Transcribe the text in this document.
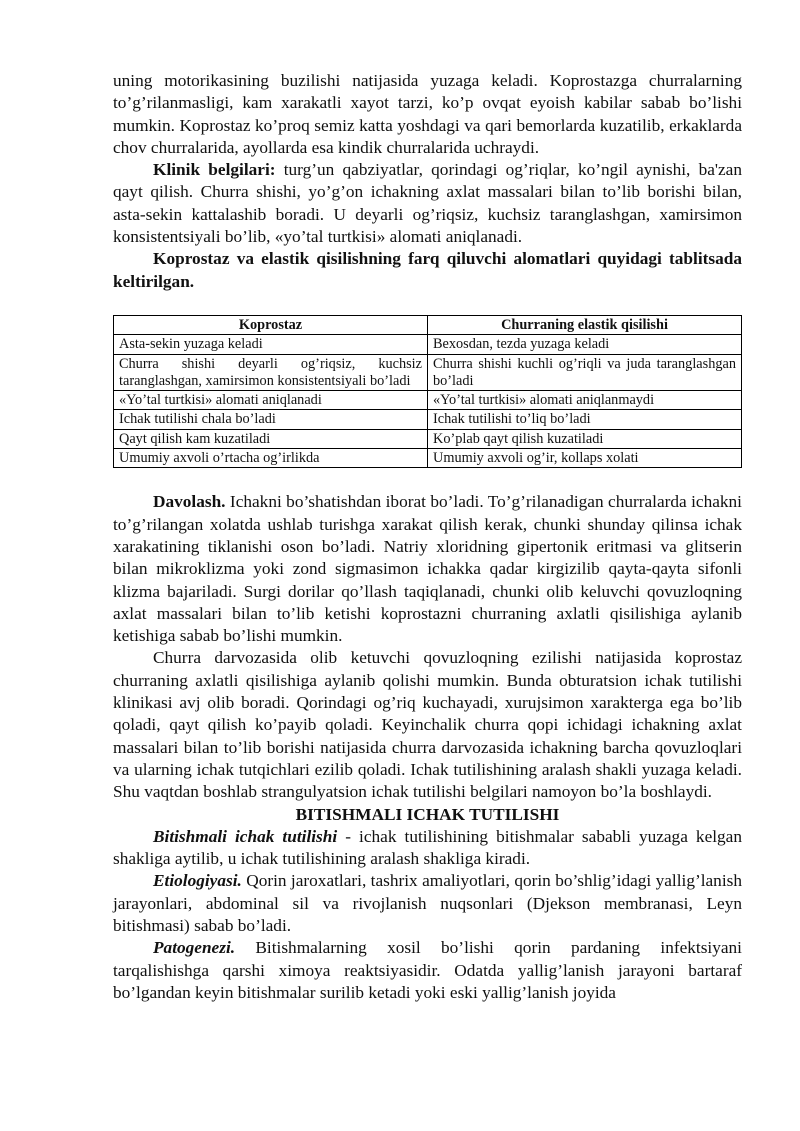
uning motorikasining buzilishi natijasida yuzaga keladi. Koprostazga churralarning to’g’rilanmasligi, kam xarakatli xayot tarzi, ko’p ovqat eyoish kabilar sabab bo’lishi mumkin. Koprostaz ko’proq semiz katta yoshdagi va qari bemorlarda kuzatilib, erkaklarda chov churralarida, ayollarda esa kindik churralarida uchraydi.

Klinik belgilari: turg’un qabziyatlar, qorindagi og’riqlar, ko’ngil aynishi, ba'zan qayt qilish. Churra shishi, yo’g’on ichakning axlat massalari bilan to’lib borishi bilan, asta-sekin kattalashib boradi. U deyarli og’riqsiz, kuchsiz taranglashgan, xamirsimon konsistentsiyali bo’lib, «yo’tal turtkisi» alomati aniqlanadi.

Koprostaz va elastik qisilishning farq qiluvchi alomatlari quyidagi tablitsada keltirilgan.

Koprostaz	Churraning elastik qisilishi
Asta-sekin yuzaga keladi	Bexosdan, tezda yuzaga keladi
Churra shishi deyarli og’riqsiz, kuchsiz taranglashgan, xamirsimon konsistentsiyali bo’ladi	Churra shishi kuchli og’riqli va juda taranglashgan bo’ladi
«Yo’tal turtkisi» alomati aniqlanadi	«Yo’tal turtkisi» alomati aniqlanmaydi
Ichak tutilishi chala bo’ladi	Ichak tutilishi to’liq bo’ladi
Qayt qilish kam kuzatiladi	Ko’plab qayt qilish kuzatiladi
Umumiy axvoli o’rtacha og’irlikda	Umumiy axvoli og’ir, kollaps xolati

Davolash. Ichakni bo’shatishdan iborat bo’ladi. To’g’rilanadigan churralarda ichakni to’g’rilangan xolatda ushlab turishga xarakat qilish kerak, chunki shunday qilinsa ichak xarakatining tiklanishi oson bo’ladi. Natriy xloridning gipertonik eritmasi va glitserin bilan mikroklizma yoki zond sigmasimon ichakka qadar kirgizilib qayta-qayta sifonli klizma bajariladi. Surgi dorilar qo’llash taqiqlanadi, chunki olib keluvchi qovuzloqning axlat massalari bilan to’lib ketishi koprostazni churraning axlatli qisilishiga aylanib ketishiga sabab bo’lishi mumkin.

Churra darvozasida olib ketuvchi qovuzloqning ezilishi natijasida koprostaz churraning axlatli qisilishiga aylanib qolishi mumkin. Bunda obturatsion ichak tutilishi klinikasi avj olib boradi. Qorindagi og’riq kuchayadi, xurujsimon xarakterga ega bo’lib qoladi, qayt qilish ko’payib qoladi. Keyinchalik churra qopi ichidagi ichakning axlat massalari bilan to’lib borishi natijasida churra darvozasida ichakning barcha qovuzloqlari va ularning ichak tutqichlari ezilib qoladi. Ichak tutilishining aralash shakli yuzaga keladi. Shu vaqtdan boshlab strangulyatsion ichak tutilishi belgilari namoyon bo’la boshlaydi.

BITISHMALI ICHAK TUTILISHI

Bitishmali ichak tutilishi - ichak tutilishining bitishmalar sababli yuzaga kelgan shakliga aytilib, u ichak tutilishining aralash shakliga kiradi.

Etiologiyasi. Qorin jaroxatlari, tashrix amaliyotlari, qorin bo’shlig’idagi yallig’lanish jarayonlari, abdominal sil va rivojlanish nuqsonlari (Djekson membranasi, Leyn bitishmasi) sabab bo’ladi.

Patogenezi. Bitishmalarning xosil bo’lishi qorin pardaning infektsiyani tarqalishishga qarshi ximoya reaktsiyasidir. Odatda yallig’lanish jarayoni bartaraf bo’lgandan keyin bitishmalar surilib ketadi yoki eski yallig’lanish joyida
